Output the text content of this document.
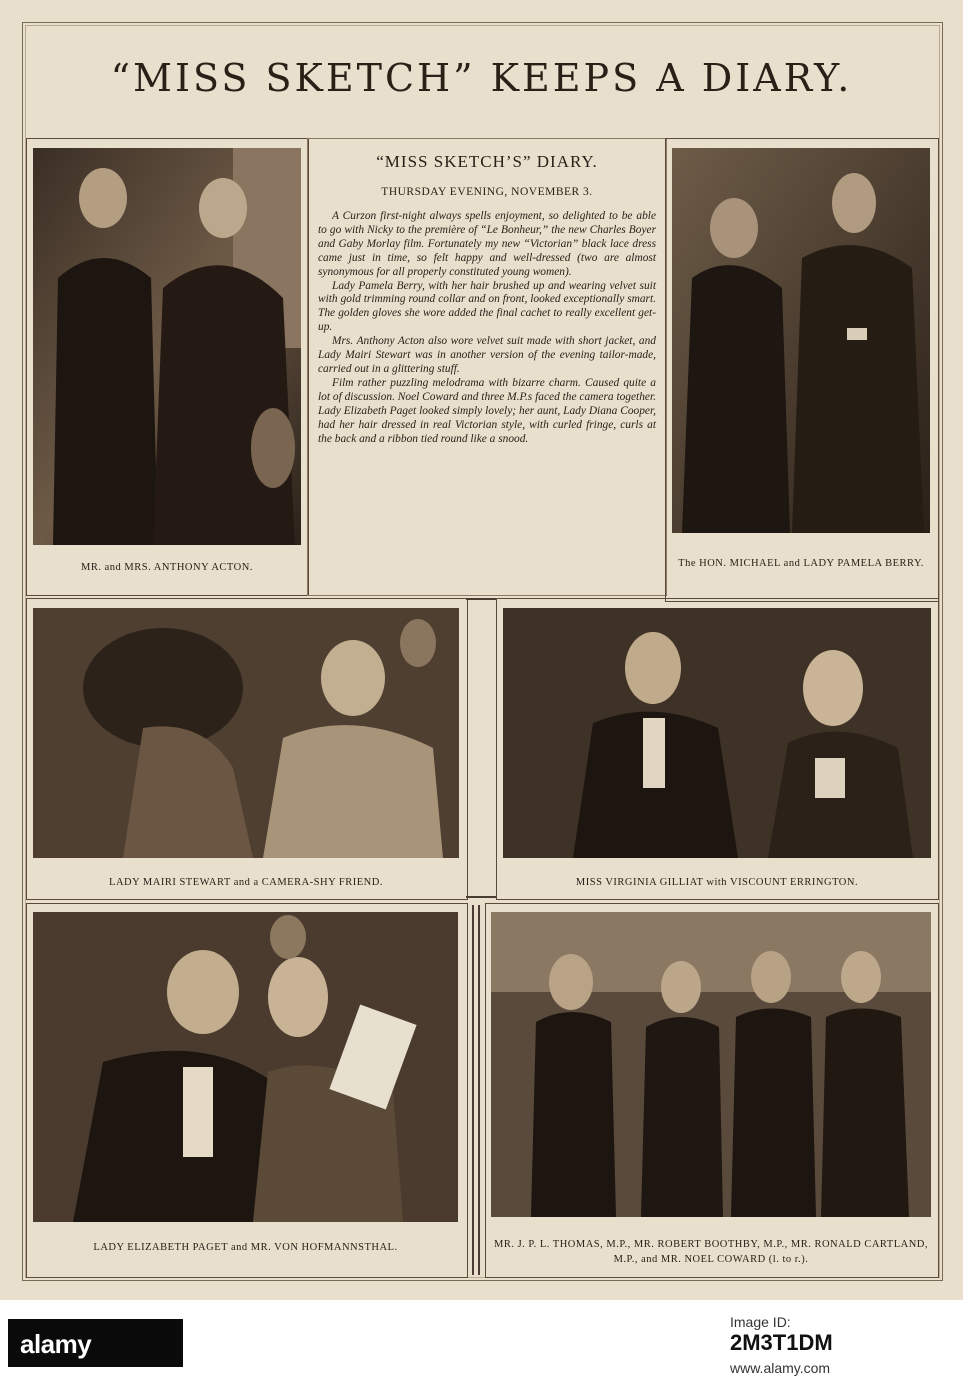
“MISS SKETCH” KEEPS A DIARY.
MR. and MRS. ANTHONY ACTON.
“MISS SKETCH’S” DIARY.
THURSDAY EVENING, NOVEMBER 3.

A Curzon first-night always spells enjoyment, so delighted to be able to go with Nicky to the première of “Le Bonheur,” the new Charles Boyer and Gaby Morlay film. Fortunately my new “Victorian” black lace dress came just in time, so felt happy and well-dressed (two are almost synonymous for all properly constituted young women).

Lady Pamela Berry, with her hair brushed up and wearing velvet suit with gold trimming round collar and on front, looked exceptionally smart. The golden gloves she wore added the final cachet to really excellent get-up.

Mrs. Anthony Acton also wore velvet suit made with short jacket, and Lady Mairi Stewart was in another version of the evening tailor-made, carried out in a glittering stuff.

Film rather puzzling melodrama with bizarre charm. Caused quite a lot of discussion. Noel Coward and three M.P.s faced the camera together. Lady Elizabeth Paget looked simply lovely; her aunt, Lady Diana Cooper, had her hair dressed in real Victorian style, with curled fringe, curls at the back and a ribbon tied round like a snood.

The HON. MICHAEL and LADY PAMELA BERRY.
LADY MAIRI STEWART and a CAMERA-SHY FRIEND.	MISS VIRGINIA GILLIAT with VISCOUNT ERRINGTON.
LADY ELIZABETH PAGET and MR. VON HOFMANNSTHAL.	MR. J. P. L. THOMAS, M.P., MR. ROBERT BOOTHBY, M.P., MR. RONALD CARTLAND, M.P., and MR. NOEL COWARD (l. to r.).
alamy
Image ID:
2M3T1DM
www.alamy.com
